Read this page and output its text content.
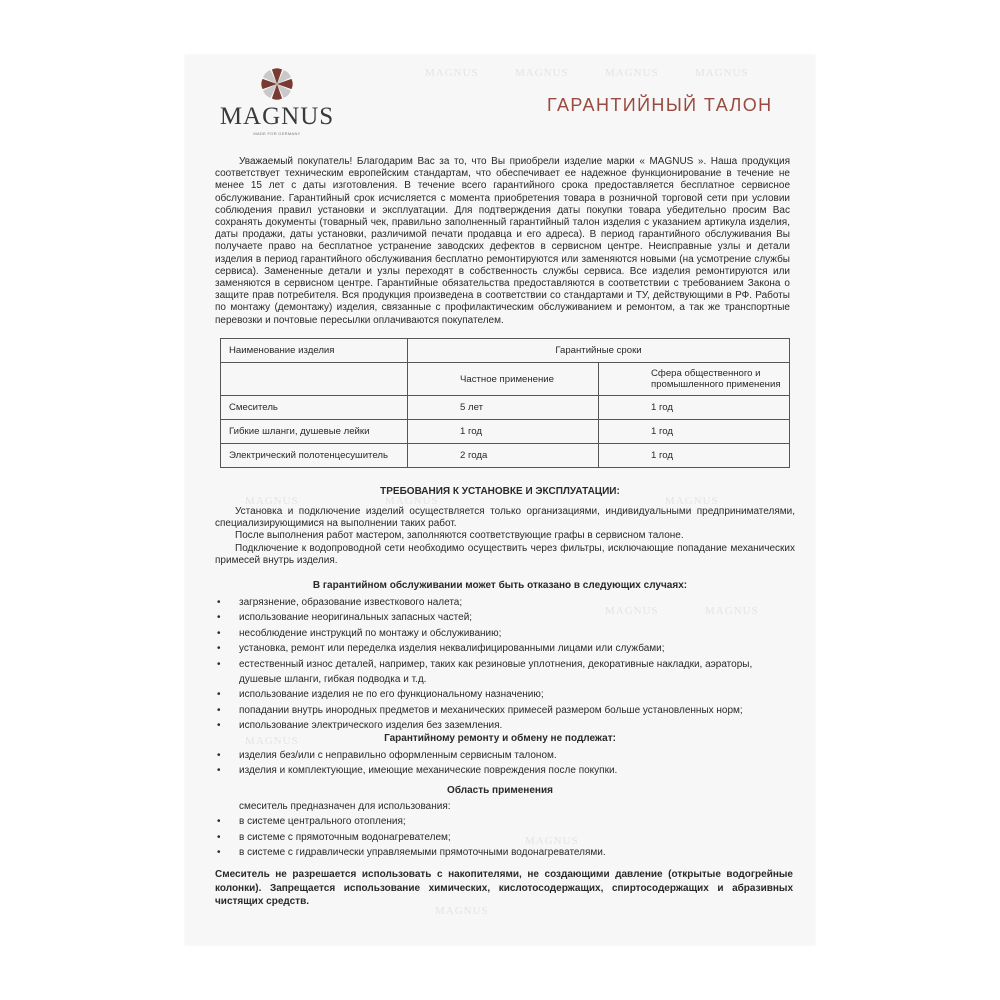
MAGNUS	MAGNUS	MAGNUS	MAGNUS
MAGNUS	MAGNUS	MAGNUS
MAGNUS	MAGNUS
MAGNUS
MAGNUS
MAGNUS
MAGNUS
MADE FOR GERMANY
ГАРАНТИЙНЫЙ ТАЛОН

Уважаемый покупатель! Благодарим Вас за то, что Вы приобрели изделие марки « MAGNUS ». Наша продукция соответствует техническим европейским стандартам, что обеспечивает ее надежное функционирование в течение не менее 15 лет с даты изготовления. В течение всего гарантийного срока предоставляется бесплатное сервисное обслуживание. Гарантийный срок исчисляется с момента приобретения товара в розничной торговой сети при условии соблюдения правил установки и эксплуатации. Для подтверждения даты покупки товара убедительно просим Вас сохранять документы (товарный чек, правильно заполненный гарантийный талон изделия с указанием артикула изделия, даты продажи, даты установки, различимой печати продавца и его адреса). В период гарантийного обслуживания Вы получаете право на бесплатное устранение заводских дефектов в сервисном центре. Неисправные узлы и детали изделия в период гарантийного обслуживания бесплатно ремонтируются или заменяются новыми (на усмотрение службы сервиса). Замененные детали и узлы переходят в собственность службы сервиса. Все изделия ремонтируются или заменяются в сервисном центре. Гарантийные обязательства предоставляются в соответствии с требованием Закона о защите прав потребителя. Вся продукция произведена в соответствии со стандартами и ТУ, действующими в РФ. Работы по монтажу (демонтажу) изделия, связанные с профилактическим обслуживанием и ремонтом, а так же транспортные перевозки и почтовые пересылки оплачиваются покупателем.

Наименование изделия	Гарантийные сроки	
	Частное применение	Сфера общественного и промышленного применения
Смеситель	5 лет	1 год
Гибкие шланги, душевые лейки	1 год	1 год
Электрический полотенцесушитель	2 года	1 год
ТРЕБОВАНИЯ К УСТАНОВКЕ И ЭКСПЛУАТАЦИИ:

Установка и подключение изделий осуществляется только организациями, индивидуальными предпринимателями, специализирующимися на выполнении таких работ.

После выполнения работ мастером, заполняются соответствующие графы в сервисном талоне.

Подключение к водопроводной сети необходимо осуществить через фильтры, исключающие попадание механических примесей внутрь изделия.

В гарантийном обслуживании может быть отказано в следующих случаях:
• загрязнение, образование известкового налета;
• использование неоригинальных запасных частей;
• несоблюдение инструкций по монтажу и обслуживанию;
• установка, ремонт или переделка изделия неквалифицированными лицами или службами;
• естественный износ деталей, например, таких как резиновые уплотнения, декоративные накладки, аэраторы, душевые шланги, гибкая подводка и т.д.
• использование изделия не по его функциональному назначению;
• попадании внутрь инородных предметов и механических примесей размером больше установленных норм;
• использование электрического изделия без заземления.
Гарантийному ремонту и обмену не подлежат:
• изделия без/или с неправильно оформленным сервисным талоном.
• изделия и комплектующие, имеющие механические повреждения после покупки.
Область применения
смеситель предназначен для использования:
• в системе центрального отопления;
• в системе с прямоточным водонагревателем;
• в системе с гидравлически управляемыми прямоточными водонагревателями.

Смеситель не разрешается использовать с накопителями, не создающими давление (открытые водогрейные колонки). Запрещается использование химических, кислотосодержащих, спиртосодержащих и абразивных чистящих средств.
